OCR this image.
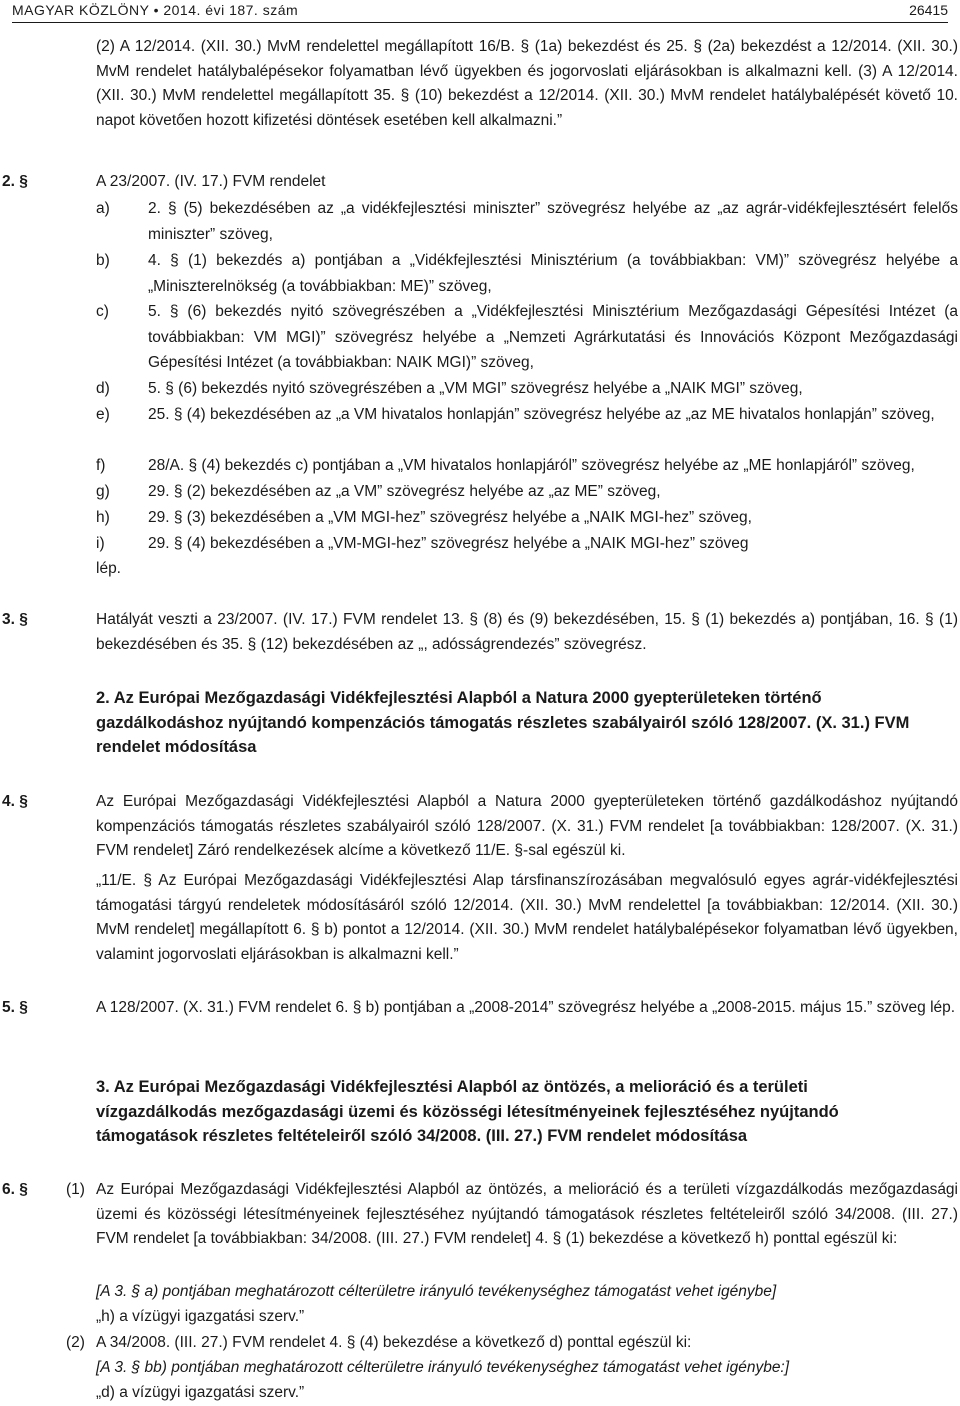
MAGYAR KÖZLÖNY • 2014. évi 187. szám	26415
(2) A 12/2014. (XII. 30.) MvM rendelettel megállapított 16/B. § (1a) bekezdést és 25. § (2a) bekezdést a 12/2014. (XII. 30.) MvM rendelet hatálybalépésekor folyamatban lévő ügyekben és jogorvoslati eljárásokban is alkalmazni kell. (3) A 12/2014. (XII. 30.) MvM rendelettel megállapított 35. § (10) bekezdést a 12/2014. (XII. 30.) MvM rendelet hatálybalépését követő 10. napot követően hozott kifizetési döntések esetében kell alkalmazni.”
2. §	A 23/2007. (IV. 17.) FVM rendelet
a) 2. § (5) bekezdésében az „a vidékfejlesztési miniszter” szövegrész helyébe az „az agrár-vidékfejlesztésért felelős miniszter” szöveg,
b) 4. § (1) bekezdés a) pontjában a „Vidékfejlesztési Minisztérium (a továbbiakban: VM)” szövegrész helyébe a „Miniszterelnökség (a továbbiakban: ME)” szöveg,
c)	5. § (6) bekezdés nyitó szövegrészében a „Vidékfejlesztési Minisztérium Mezőgazdasági Gépesítési Intézet (a továbbiakban: VM MGI)” szövegrész helyébe a „Nemzeti Agrárkutatási és Innovációs Központ Mezőgazdasági Gépesítési Intézet (a továbbiakban: NAIK MGI)” szöveg,
d) 5. § (6) bekezdés nyitó szövegrészében a „VM MGI” szövegrész helyébe a „NAIK MGI” szöveg,
e) 25. § (4) bekezdésében az „a VM hivatalos honlapján” szövegrész helyébe az „az ME hivatalos honlapján” szöveg,
f)	28/A. § (4) bekezdés c) pontjában a „VM hivatalos honlapjáról” szövegrész helyébe az „ME honlapjáról” szöveg,
g) 29. § (2) bekezdésében az „a VM” szövegrész helyébe az „az ME” szöveg,
h) 29. § (3) bekezdésében a „VM MGI-hez” szövegrész helyébe a „NAIK MGI-hez” szöveg,
i)	29. § (4) bekezdésében a „VM-MGI-hez” szövegrész helyébe a „NAIK MGI-hez” szöveg
lép.
3. §	Hatályát veszti a 23/2007. (IV. 17.) FVM rendelet 13. § (8) és (9) bekezdésében, 15. § (1) bekezdés a) pontjában, 16. § (1) bekezdésében és 35. § (12) bekezdésében az „, adósságrendezés” szövegrész.
2. Az Európai Mezőgazdasági Vidékfejlesztési Alapból a Natura 2000 gyepterületeken történő gazdálkodáshoz nyújtandó kompenzációs támogatás részletes szabályairól szóló 128/2007. (X. 31.) FVM rendelet módosítása
4. §	Az Európai Mezőgazdasági Vidékfejlesztési Alapból a Natura 2000 gyepterületeken történő gazdálkodáshoz nyújtandó kompenzációs támogatás részletes szabályairól szóló 128/2007. (X. 31.) FVM rendelet [a továbbiakban: 128/2007. (X. 31.) FVM rendelet] Záró rendelkezések alcíme a következő 11/E. §-sal egészül ki.
„11/E. § Az Európai Mezőgazdasági Vidékfejlesztési Alap társfinanszírozásában megvalósuló egyes agrár-vidékfejlesztési támogatási tárgyú rendeletek módosításáról szóló 12/2014. (XII. 30.) MvM rendelettel [a továbbiakban: 12/2014. (XII. 30.) MvM rendelet] megállapított 6. § b) pontot a 12/2014. (XII. 30.) MvM rendelet hatálybalépésekor folyamatban lévő ügyekben, valamint jogorvoslati eljárásokban is alkalmazni kell.”
5. §	A 128/2007. (X. 31.) FVM rendelet 6. § b) pontjában a „2008-2014” szövegrész helyébe a „2008-2015. május 15.” szöveg lép.
3. Az Európai Mezőgazdasági Vidékfejlesztési Alapból az öntözés, a melioráció és a területi vízgazdálkodás mezőgazdasági üzemi és közösségi létesítményeinek fejlesztéséhez nyújtandó támogatások részletes feltételeiről szóló 34/2008. (III. 27.) FVM rendelet módosítása
6. § (1) Az Európai Mezőgazdasági Vidékfejlesztési Alapból az öntözés, a melioráció és a területi vízgazdálkodás mezőgazdasági üzemi és közösségi létesítményeinek fejlesztéséhez nyújtandó támogatások részletes feltételeiről szóló 34/2008. (III. 27.) FVM rendelet [a továbbiakban: 34/2008. (III. 27.) FVM rendelet] 4. § (1) bekezdése a következő h) ponttal egészül ki:
[A 3. § a) pontjában meghatározott célterületre irányuló tevékenységhez támogatást vehet igénybe]
„h) a vízügyi igazgatási szerv.”
(2) A 34/2008. (III. 27.) FVM rendelet 4. § (4) bekezdése a következő d) ponttal egészül ki:
[A 3. § bb) pontjában meghatározott célterületre irányuló tevékenységhez támogatást vehet igénybe:]
„d) a vízügyi igazgatási szerv.”
